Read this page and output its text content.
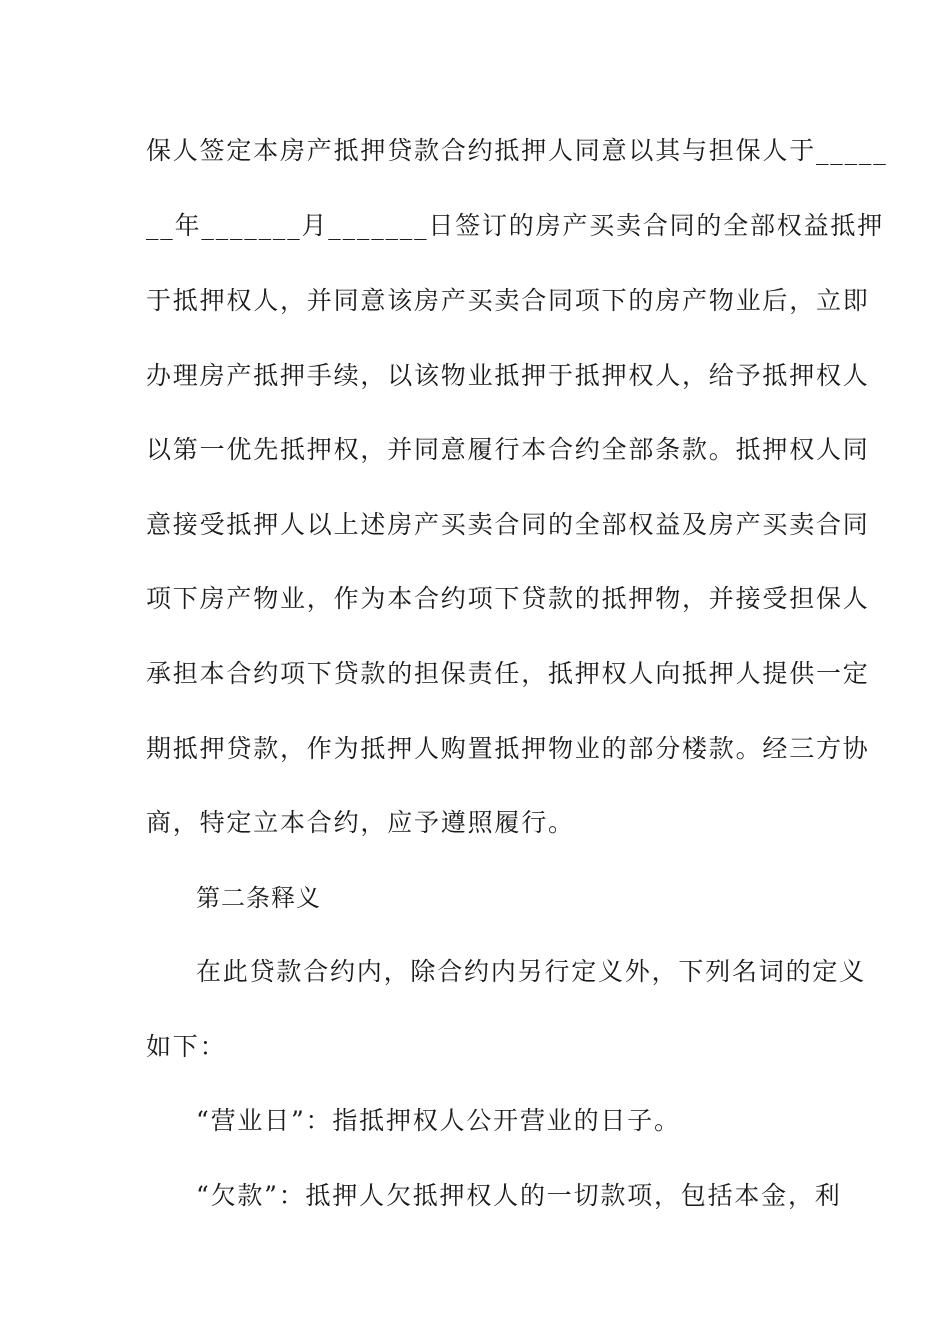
保人签定本房产抵押贷款合约抵押人同意以其与担保人于_____
__年_______月_______日签订的房产买卖合同的全部权益抵押
于抵押权人，并同意该房产买卖合同项下的房产物业后，立即
办理房产抵押手续，以该物业抵押于抵押权人，给予抵押权人
以第一优先抵押权，并同意履行本合约全部条款。抵押权人同
意接受抵押人以上述房产买卖合同的全部权益及房产买卖合同
项下房产物业，作为本合约项下贷款的抵押物，并接受担保人
承担本合约项下贷款的担保责任，抵押权人向抵押人提供一定
期抵押贷款，作为抵押人购置抵押物业的部分楼款。经三方协
商，特定立本合约，应予遵照履行。
第二条释义
在此贷款合约内，除合约内另行定义外，下列名词的定义
如下：
“营业日”：指抵押权人公开营业的日子。
“欠款”：抵押人欠抵押权人的一切款项，包括本金，利
